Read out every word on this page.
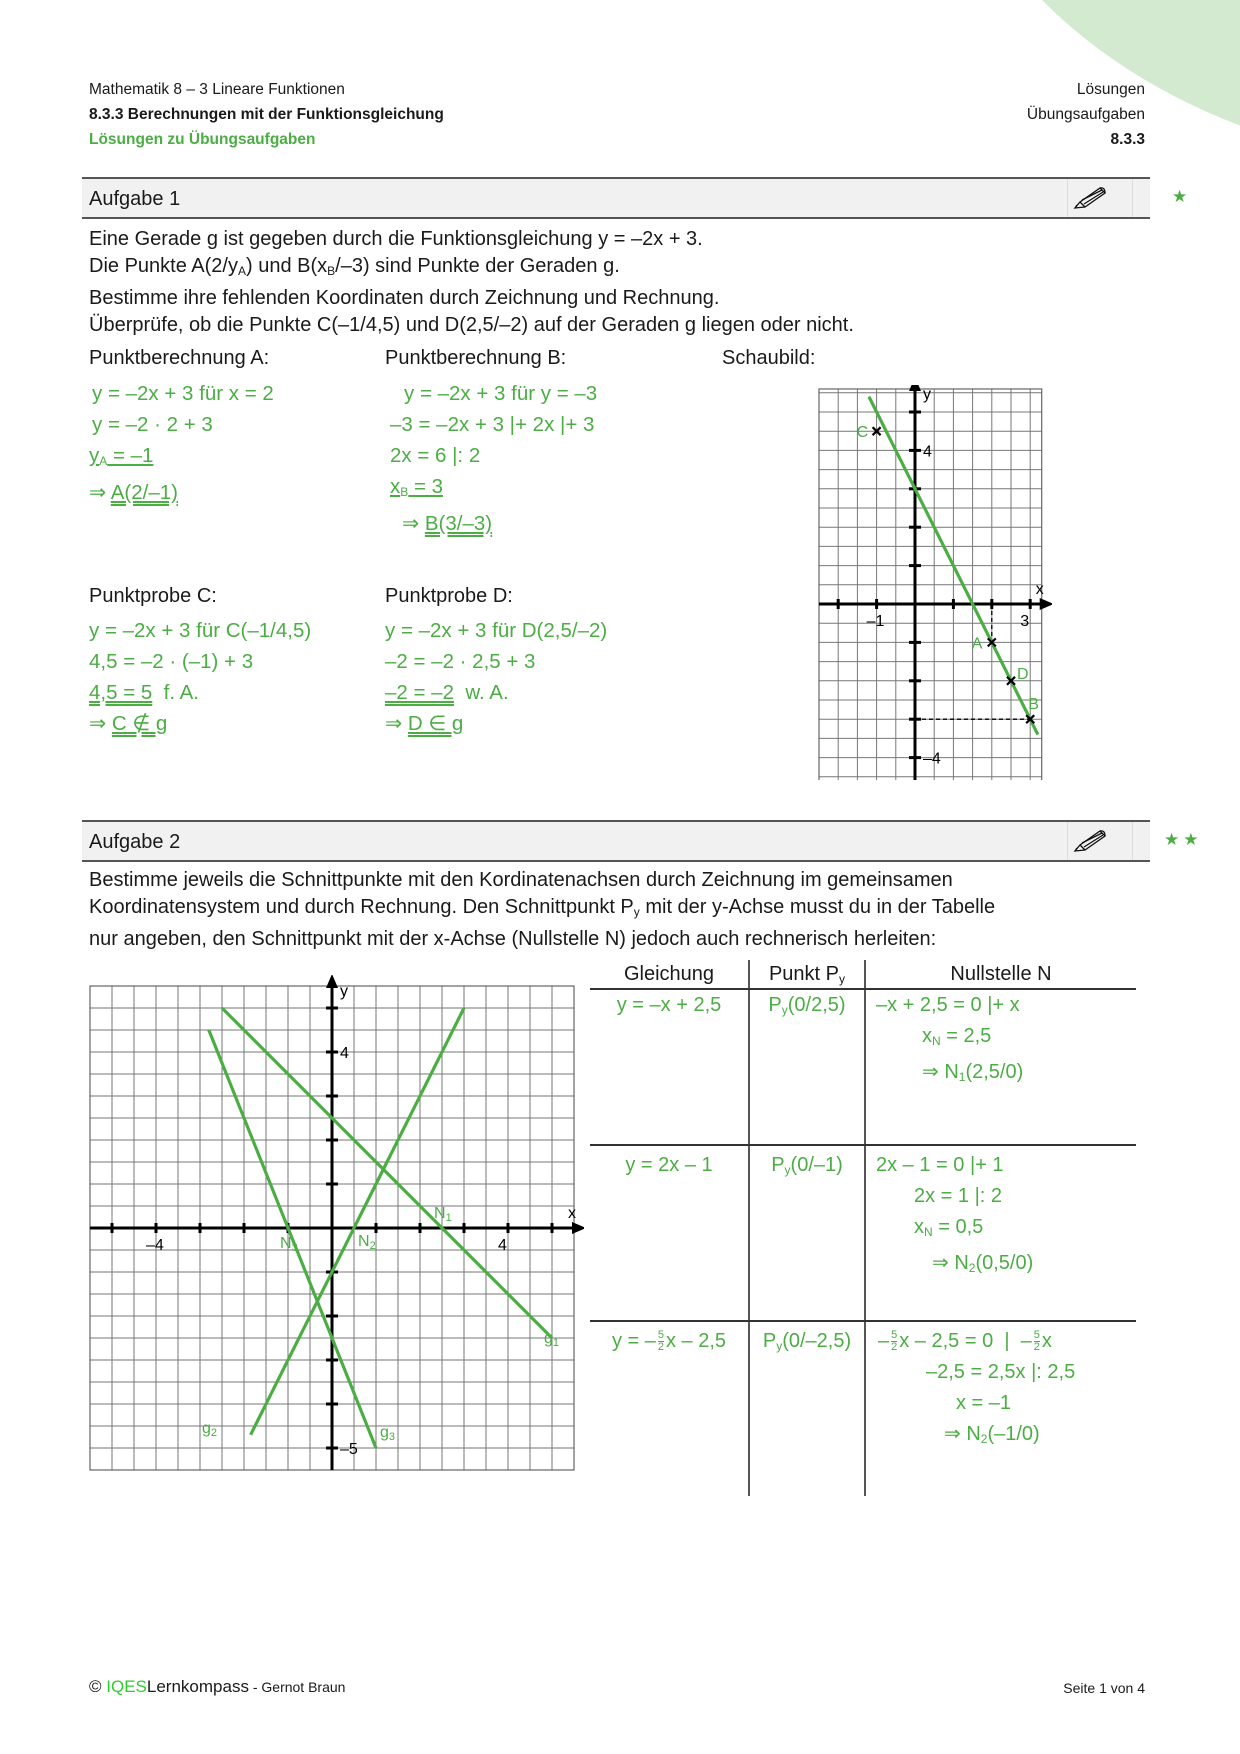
Mathematik 8 – 3 Lineare Funktionen
8.3.3 Berechnungen mit der Funktionsgleichung
Lösungen zu Übungsaufgaben
Lösungen
Übungsaufgaben
8.3.3
Aufgabe 1	★
Eine Gerade g ist gegeben durch die Funktionsgleichung y = –2x + 3.
Die Punkte $A(2/y_A)$ und $B(x_B/-3)$ sind Punkte der Geraden g.
Bestimme ihre fehlenden Koordinaten durch Zeichnung und Rechnung.
Überprüfe, ob die Punkte C(–1/4,5) und D(2,5/–2) auf der Geraden g liegen oder nicht.
Punktberechnung A:	Punktberechnung B:	Schaubild:
y = –2x + 3 für x = 2
y = –2 · 2 + 3
$y_A = -1$
⇒ A(2/–1)
y = –2x + 3 für y = –3
–3 = –2x + 3 |+ 2x |+ 3
2x = 6 |: 2
$x_B = 3$
⇒ B(3/–3)
Punktprobe C:	Punktprobe D:
y = –2x + 3 für C(–1/4,5)
4,5 = –2 · (–1) + 3
4,5 = 5  f. A.
⇒ C ∉ g
y = –2x + 3 für D(2,5/–2)
–2 = –2 · 2,5 + 3
–2 = –2  w. A.
⇒ D ∈ g
x
y
–1	3
4
–4
C
A
D
B
Aufgabe 2	★★
Bestimme jeweils die Schnittpunkte mit den Kordinatenachsen durch Zeichnung im gemeinsamen
Koordinatensystem und durch Rechnung. Den Schnittpunkt $P_y$ mit der y-Achse musst du in der Tabelle
nur angeben, den Schnittpunkt mit der x-Achse (Nullstelle N) jedoch auch rechnerisch herleiten:
x
y
–4	4
4
–5
g1
g2	g3
N1
N2
N3
Gleichung	Punkt $P_y$	Nullstelle N
y = –x + 2,5	$P_y(0/2,5)$	–x + 2,5 = 0 |+ x
$x_N = 2,5$
⇒ $N_1(2,5/0)$

y = 2x – 1	$P_y(0/-1)$	2x – 1 = 0 |+ 1
2x = 1 |: 2
$x_N = 0,5$
⇒ $N_2(0,5/0)$

y = – $\frac{5}{2}$ x – 2,5	$P_y(0/-2,5)$	– $\frac{5}{2}$ x – 2,5 = 0  |  – $\frac{5}{2}$ x
–2,5 = 2,5x |: 2,5
x = –1
⇒ $N_2(-1/0)$
© IQESLernkompass - Gernot Braun	Seite 1 von 4
